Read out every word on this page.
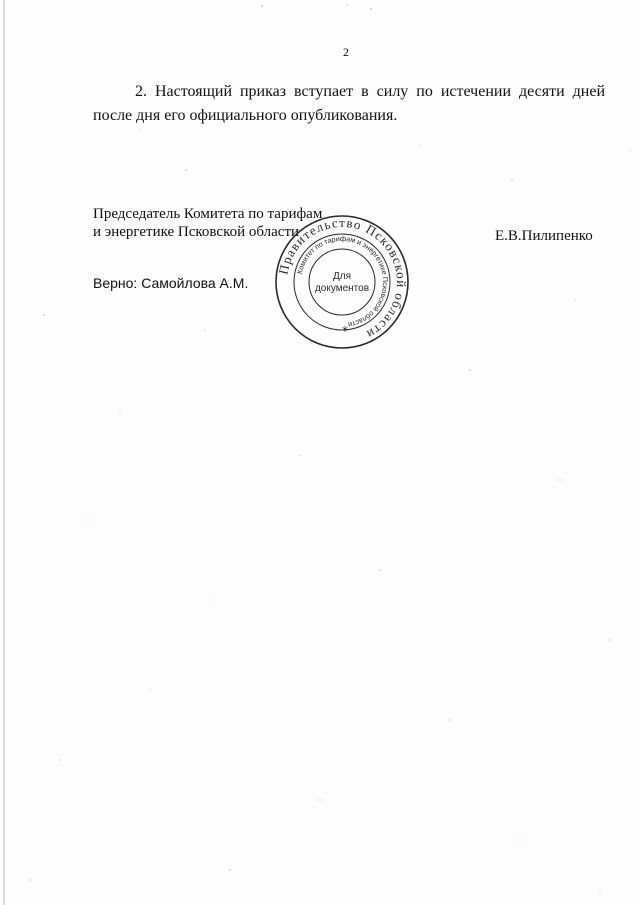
2

2. Настоящий приказ вступает в силу по истечении десяти дней после дня его официального опубликования.

Председатель Комитета по тарифам
и энергетике Псковской области	Е.В.Пилипенко
Верно: Самойлова А.М.
Правительство Псковской области
Комитет по тарифам и энергетике Псковской области
Для
документов
*
